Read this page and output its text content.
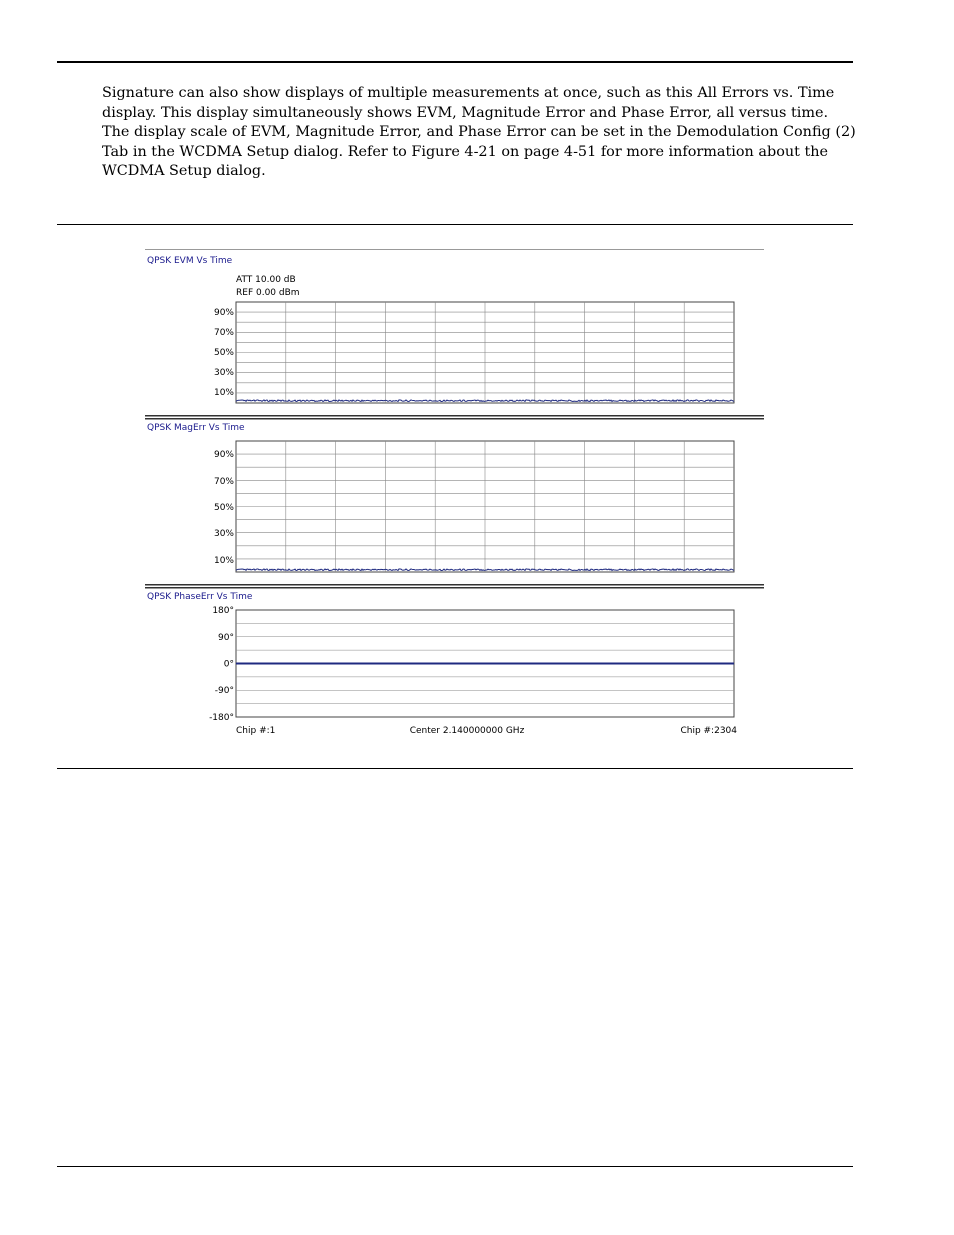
Signature can also show displays of multiple measurements at once, such as this All Errors vs. Time
display. This display simultaneously shows EVM, Magnitude Error and Phase Error, all versus time.
The display scale of EVM, Magnitude Error, and Phase Error can be set in the Demodulation Config (2)
Tab in the WCDMA Setup dialog. Refer to Figure 4-21 on page 4-51 for more information about the
WCDMA Setup dialog.

QPSK EVM Vs Time
ATT 10.00 dB
REF 0.00 dBm
90%
70%
50%
30%
10%
QPSK MagErr Vs Time
90%
70%
50%
30%
10%
QPSK PhaseErr Vs Time
180°
90°
0°
-90°
-180°
Chip #:1	Center 2.140000000 GHz	Chip #:2304
